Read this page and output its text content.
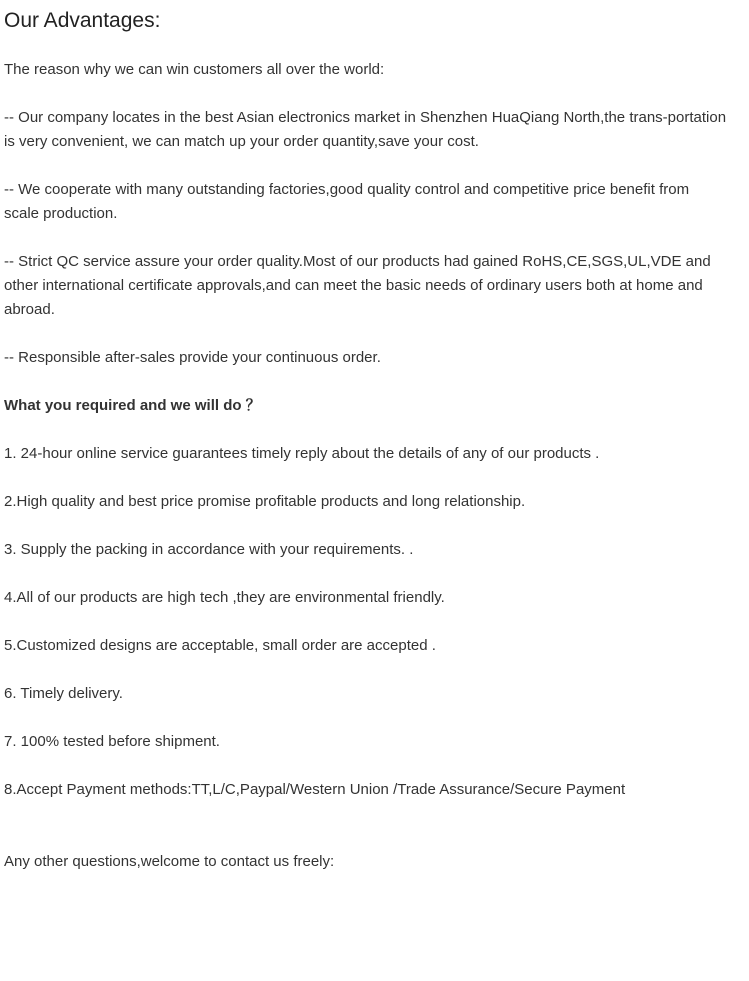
Our Advantages:
The reason why we can win customers all over the world:
-- Our company locates in the best Asian electronics market in Shenzhen HuaQiang North,the trans-portation is very convenient, we can match up your order quantity,save your cost.
-- We cooperate with many outstanding factories,good quality control and competitive price benefit from scale production.
-- Strict QC service assure your order quality.Most of our products had gained RoHS,CE,SGS,UL,VDE and other international certificate approvals,and can meet the basic needs of ordinary users both at home and abroad.
-- Responsible after-sales provide your continuous order.
What you required and we will do ？
1. 24-hour online service guarantees timely reply about the details of any of our products .
2.High quality and best price promise profitable products and long relationship.
3. Supply the packing in accordance with your requirements. .
4.All of our products are high tech ,they are environmental friendly.
5.Customized designs are acceptable, small order are accepted .
6. Timely delivery.
7. 100% tested before shipment.
8.Accept Payment methods:TT,L/C,Paypal/Western Union /Trade Assurance/Secure Payment
Any other questions,welcome to contact us freely:
